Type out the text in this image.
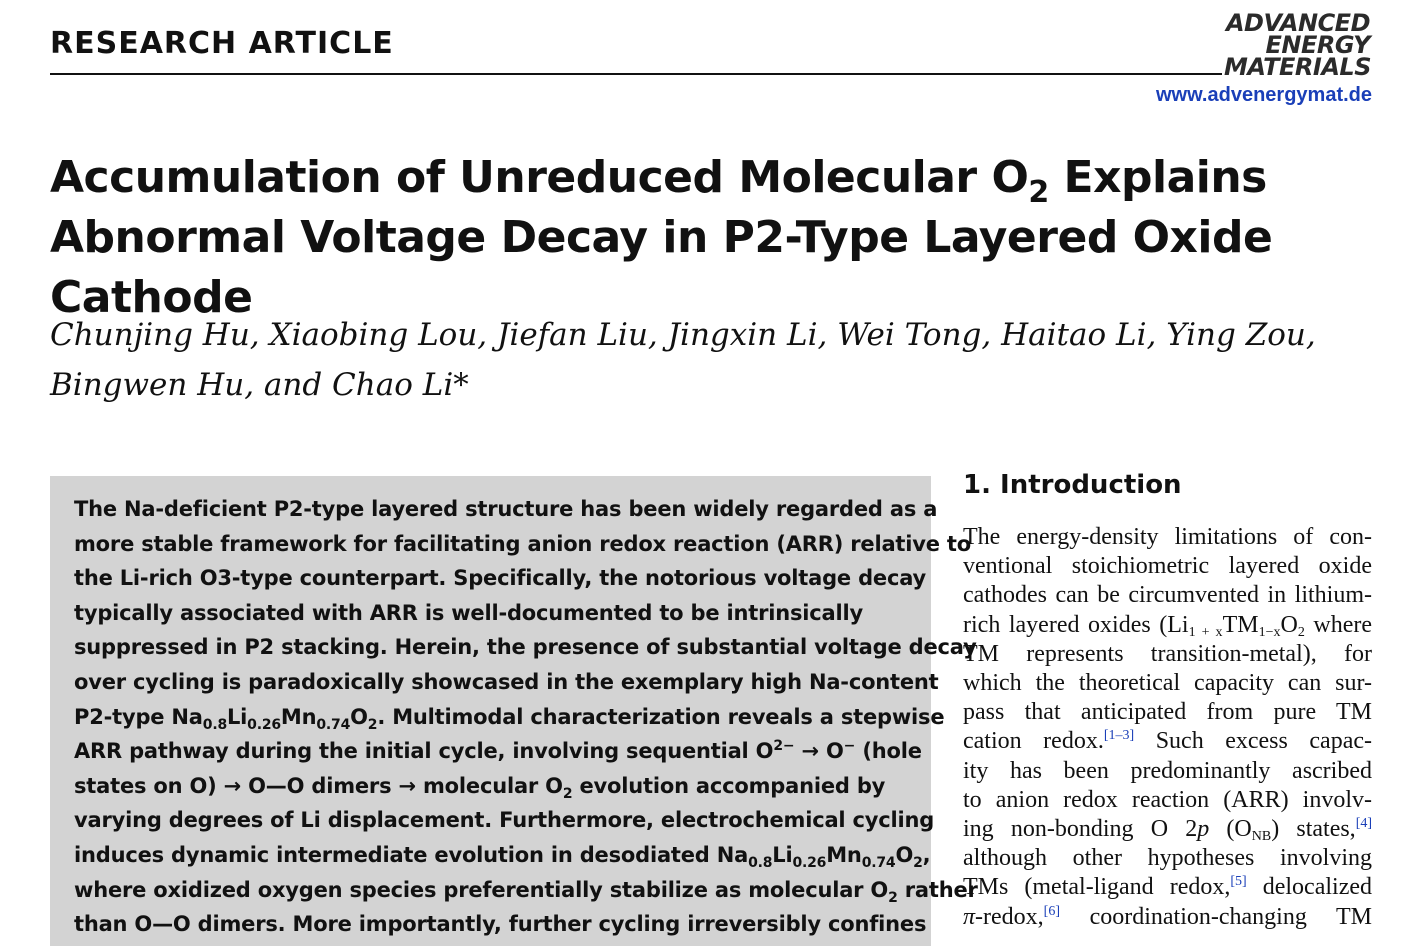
RESEARCH ARTICLE
ADVANCED
ENERGY
MATERIALS
www.advenergymat.de
Accumulation of Unreduced Molecular $O_2$ Explains
Abnormal Voltage Decay in P2-Type Layered Oxide Cathode
Chunjing Hu, Xiaobing Lou, Jiefan Liu, Jingxin Li, Wei Tong, Haitao Li, Ying Zou,
Bingwen Hu, and Chao Li*
The Na-deficient P2-type layered structure has been widely regarded as a
more stable framework for facilitating anion redox reaction (ARR) relative to
the Li-rich O3-type counterpart. Specifically, the notorious voltage decay
typically associated with ARR is well-documented to be intrinsically
suppressed in P2 stacking. Herein, the presence of substantial voltage decay
over cycling is paradoxically showcased in the exemplary high Na-content
P2-type $Na_{0.8}Li_{0.26}Mn_{0.74}O_2$. Multimodal characterization reveals a stepwise
ARR pathway during the initial cycle, involving sequential $O^{2-} \to O^-$ (hole
states on O) → O—O dimers → molecular $O_2$ evolution accompanied by
varying degrees of Li displacement. Furthermore, electrochemical cycling
induces dynamic intermediate evolution in desodiated $Na_{0.8}Li_{0.26}Mn_{0.74}O_2$,
where oxidized oxygen species preferentially stabilize as molecular $O_2$ rather
than O—O dimers. More importantly, further cycling irreversibly confines
1. Introduction
The energy-density limitations of con-
ventional stoichiometric layered oxide
cathodes can be circumvented in lithium-
rich layered oxides ($Li_{1 + x}TM_{1-x}O_2$ where
TM represents transition-metal), for
which the theoretical capacity can sur-
pass that anticipated from pure TM
cation redox.[1–3] Such excess capac-
ity has been predominantly ascribed
to anion redox reaction (ARR) involv-
ing non-bonding O 2p $(O_{NB})$ states,[4]
although other hypotheses involving
TMs (metal-ligand redox,[5] delocalized
π-redox,[6] coordination-changing TM
